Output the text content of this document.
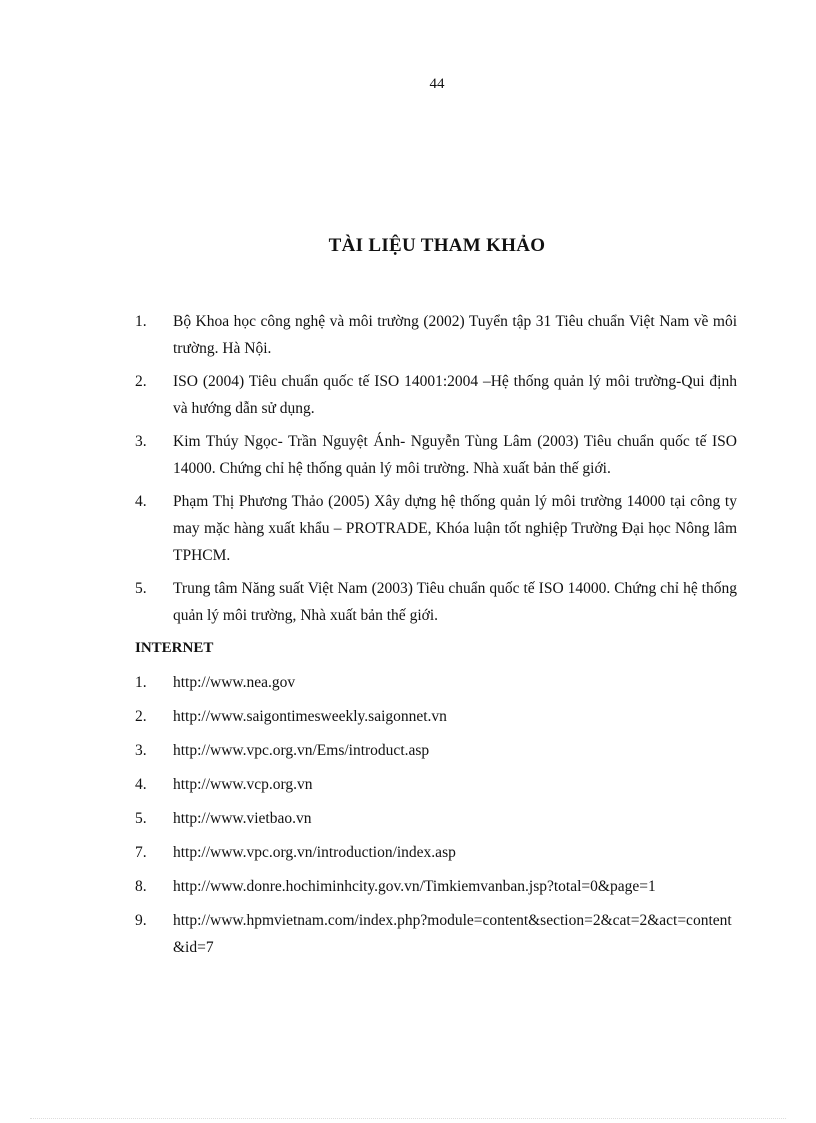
44
TÀI LIỆU THAM KHẢO
1. Bộ Khoa học công nghệ và môi trường (2002) Tuyển tập 31 Tiêu chuẩn Việt Nam về môi trường. Hà Nội.
2. ISO (2004) Tiêu chuẩn quốc tế ISO 14001:2004 –Hệ thống quản lý môi trường-Qui định và hướng dẫn sử dụng.
3. Kim Thúy Ngọc- Trần Nguyệt Ánh- Nguyễn Tùng Lâm (2003) Tiêu chuẩn quốc tế ISO 14000. Chứng chỉ hệ thống quản lý môi trường. Nhà xuất bản thế giới.
4. Phạm Thị Phương Thảo (2005) Xây dựng hệ thống quản lý môi trường 14000 tại công ty may mặc hàng xuất khẩu – PROTRADE, Khóa luận tốt nghiệp Trường Đại học Nông lâm TPHCM.
5. Trung tâm Năng suất Việt Nam (2003) Tiêu chuẩn quốc tế ISO 14000. Chứng chỉ hệ thống quản lý môi trường, Nhà xuất bản thế giới.
INTERNET
1. http://www.nea.gov
2. http://www.saigontimesweekly.saigonnet.vn
3. http://www.vpc.org.vn/Ems/introduct.asp
4. http://www.vcp.org.vn
5. http://www.vietbao.vn
7. http://www.vpc.org.vn/introduction/index.asp
8. http://www.donre.hochiminhcity.gov.vn/Timkiemvanban.jsp?total=0&page=1
9. http://www.hpmvietnam.com/index.php?module=content&section=2&cat=2&act=content&id=7
